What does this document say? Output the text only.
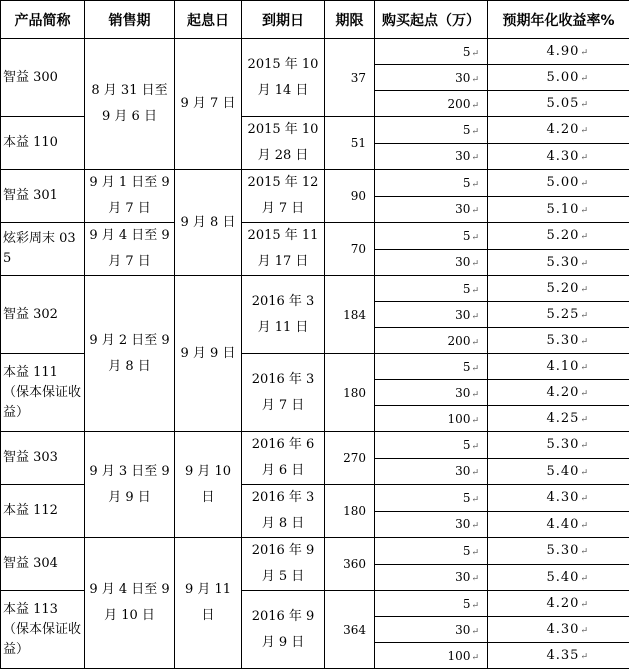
产品简称	销售期	起息日	到期日	期限	购买起点（万）	预期年化收益率%
智益 300	8 月 31 日至 9 月 6 日	9 月 7 日	2015 年 10 月 14 日	37	5↵	4.90↵
					30↵	5.00↵
					200↵	5.05↵
本益 110			2015 年 10 月 28 日	51	5↵	4.20↵
					30↵	4.30↵
智益 301	9 月 1 日至 9 月 7 日	9 月 8 日	2015 年 12 月 7 日	90	5↵	5.00↵
					30↵	5.10↵
炫彩周末 035	9 月 4 日至 9 月 7 日		2015 年 11 月 17 日	70	5↵	5.20↵
					30↵	5.30↵
智益 302	9 月 2 日至 9 月 8 日	9 月 9 日	2016 年 3 月 11 日	184	5↵	5.20↵
					30↵	5.25↵
					200↵	5.30↵
本益 111 （保本保证收益）			2016 年 3 月 7 日	180	5↵	4.10↵
					30↵	4.20↵
					100↵	4.25↵
智益 303	9 月 3 日至 9 月 9 日	9 月 10 日	2016 年 6 月 6 日	270	5↵	5.30↵
					30↵	5.40↵
本益 112			2016 年 3 月 8 日	180	5↵	4.30↵
					30↵	4.40↵
智益 304	9 月 4 日至 9 月 10 日	9 月 11 日	2016 年 9 月 5 日	360	5↵	5.30↵
					30↵	5.40↵
本益 113 （保本保证收益）			2016 年 9 月 9 日	364	5↵	4.20↵
					30↵	4.30↵
					100↵	4.35↵
